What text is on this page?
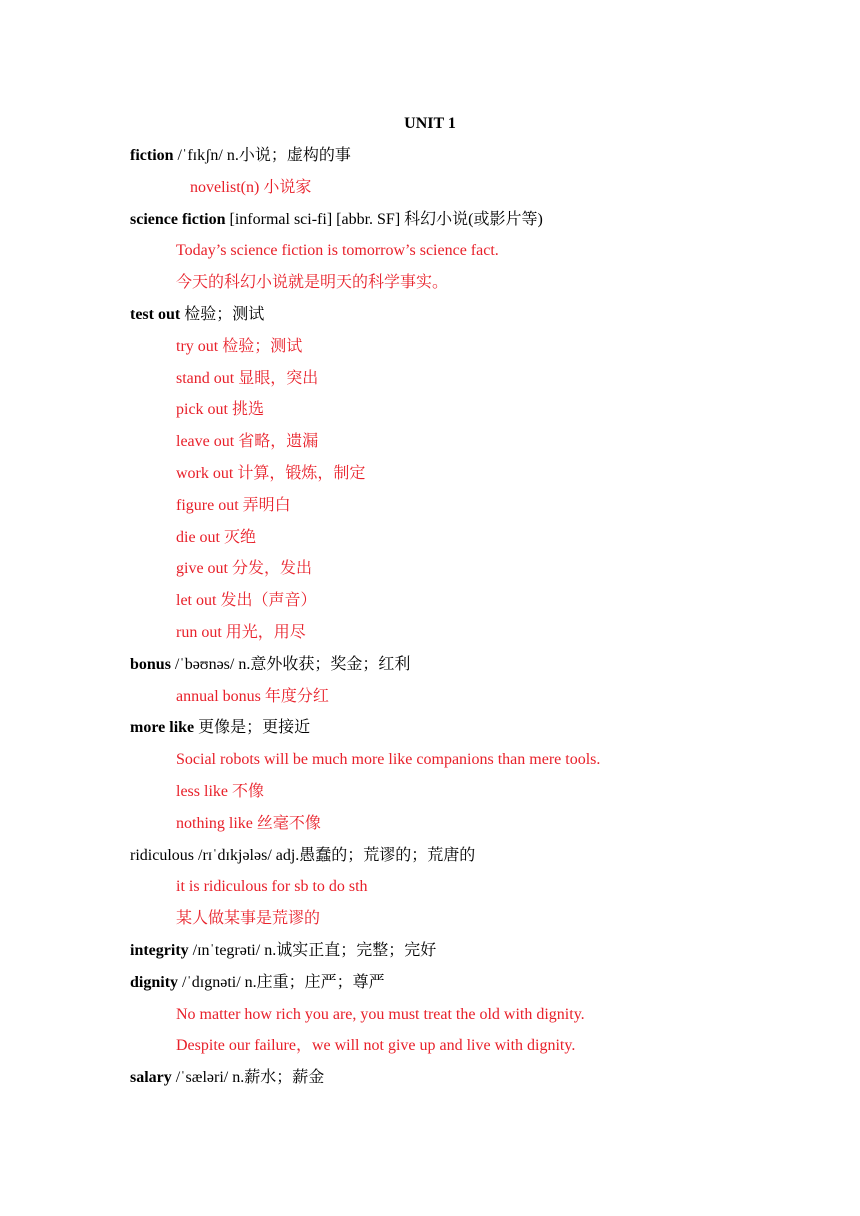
UNIT 1
fiction /ˈfɪkʃn/ n.小说；虚构的事
novelist(n) 小说家
science fiction [informal sci-fi] [abbr. SF] 科幻小说(或影片等)
Today’s science fiction is tomorrow’s science fact.
今天的科幻小说就是明天的科学事实。
test out 检验；测试
try out 检验；测试
stand out 显眼，突出
pick out 挑选
leave out 省略，遗漏
work out 计算，锻炼，制定
figure out 弄明白
die out 灭绝
give out 分发，发出
let out 发出（声音）
run out 用光，用尽
bonus /ˈbəʊnəs/ n.意外收获；奖金；红利
annual bonus 年度分红
more like 更像是；更接近
Social robots will be much more like companions than mere tools.
less like 不像
nothing like 丝毫不像
ridiculous /rɪˈdɪkjələs/ adj.愚蠢的；荒谬的；荒唐的
it is ridiculous for sb to do sth
某人做某事是荒谬的
integrity /ɪnˈtegrəti/ n.诚实正直；完整；完好
dignity /ˈdɪgnəti/ n.庄重；庄严；尊严
No matter how rich you are, you must treat the old with dignity.
Despite our failure，we will not give up and live with dignity.
salary /ˈsæləri/ n.薪水；薪金
